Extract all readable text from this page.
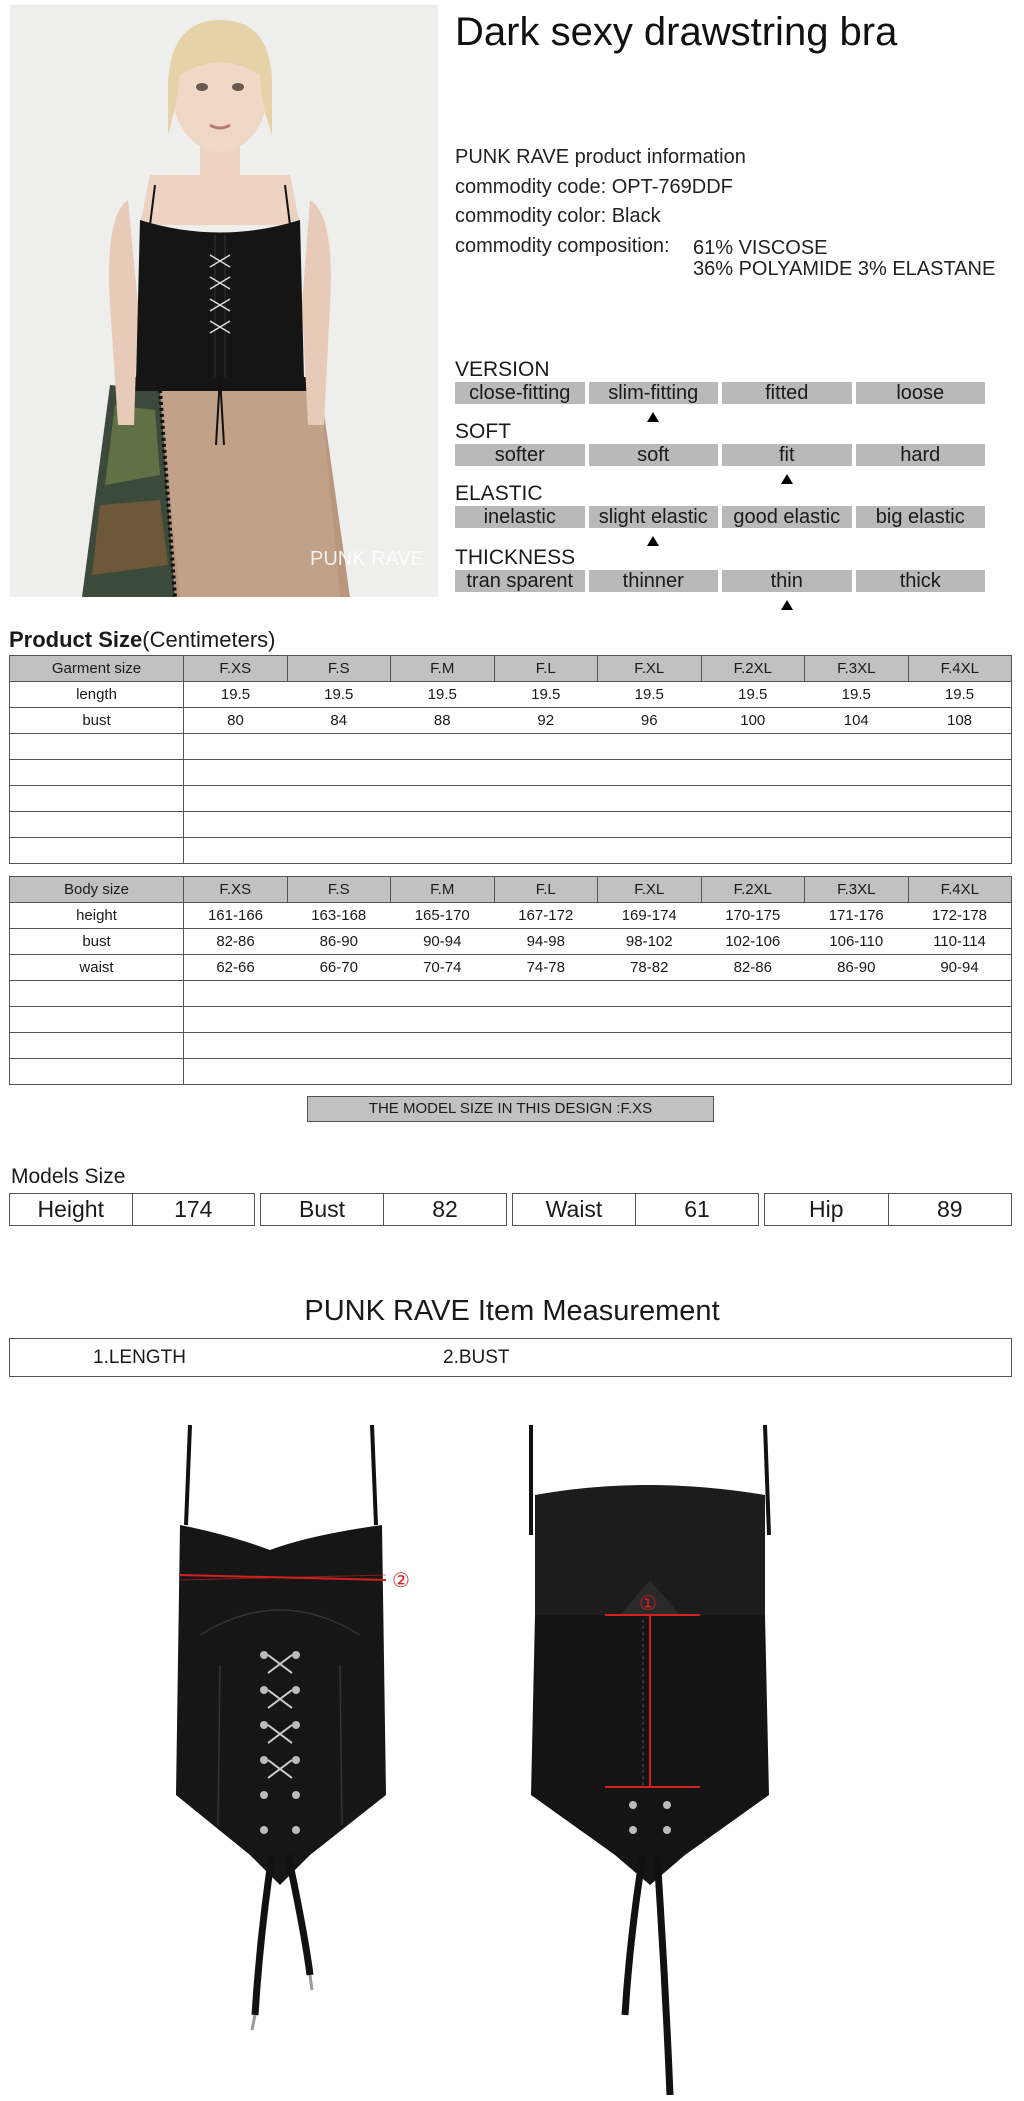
PUNK RAVE
Dark sexy drawstring bra
PUNK RAVE product information
commodity code: OPT-769DDF
commodity color: Black
commodity composition: 61% VISCOSE
36% POLYAMIDE 3% ELASTANE
VERSION
close-fitting	slim-fitting	fitted	loose
SOFT
softer	soft	fit	hard
ELASTIC
inelastic	slight elastic	good elastic	big elastic
THICKNESS
tran sparent	thinner	thin	thick
Product Size(Centimeters)
Garment size	F.XS	F.S	F.M	F.L	F.XL	F.2XL	F.3XL	F.4XL
length	19.5	19.5	19.5	19.5	19.5	19.5	19.5	19.5
bust	80	84	88	92	96	100	104	108

Body size	F.XS	F.S	F.M	F.L	F.XL	F.2XL	F.3XL	F.4XL
height	161-166	163-168	165-170	167-172	169-174	170-175	171-176	172-178
bust	82-86	86-90	90-94	94-98	98-102	102-106	106-110	110-114
waist	62-66	66-70	70-74	74-78	78-82	82-86	86-90	90-94

THE MODEL SIZE IN THIS DESIGN :F.XS
Models Size
Height	174	Bust	82	Waist	61	Hip	89
PUNK RAVE Item Measurement
1.LENGTH	2.BUST
②
①
